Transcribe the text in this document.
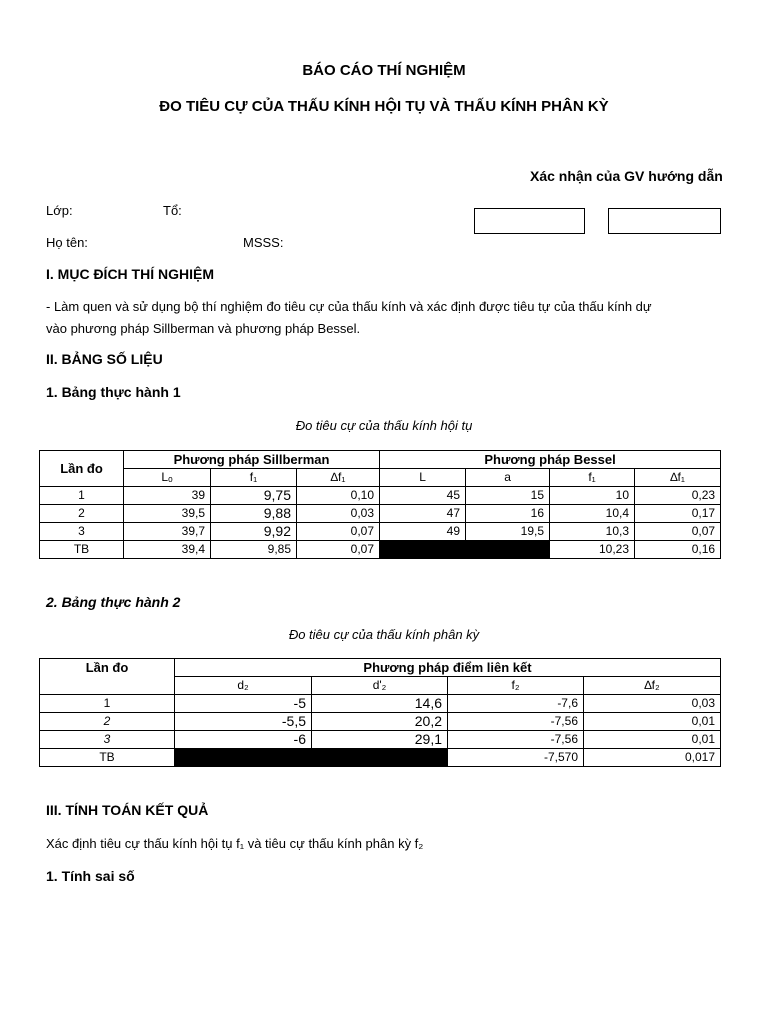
BÁO CÁO THÍ NGHIỆM
ĐO TIÊU CỰ CỦA THẤU KÍNH HỘI TỤ VÀ THẤU KÍNH PHÂN KỲ
Xác nhận của GV hướng dẫn
Lớp:	Tổ:
Họ tên:	MSSS:
I. MỤC ĐÍCH THÍ NGHIỆM
- Làm quen và sử dụng bộ thí nghiệm đo tiêu cự của thấu kính và xác định được tiêu tự của thấu kính dự
vào phương pháp Sillberman và phương pháp Bessel.
II. BẢNG SỐ LIỆU
1. Bảng thực hành 1
Đo tiêu cự của thấu kính hội tụ
Lần đo	Phương pháp Sillberman			Phương pháp Bessel			
	Lₒ	f₁	∆f₁	L	a	f₁	∆f₁
1	39	9,75	0,10	45	15	10	0,23
2	39,5	9,88	0,03	47	16	10,4	0,17
3	39,7	9,92	0,07	49	19,5	10,3	0,07
TB	39,4	9,85	0,07			10,23	0,16
2. Bảng thực hành 2
Đo tiêu cự của thấu kính phân kỳ
Lần đo	Phương pháp điểm liên kết			
	d₂	d'₂	f₂	∆f₂
1	-5	14,6	-7,6	0,03
2	-5,5	20,2	-7,56	0,01
3	-6	29,1	-7,56	0,01
TB			-7,570	0,017
III. TÍNH TOÁN KẾT QUẢ
Xác định tiêu cự thấu kính hội tụ f₁ và tiêu cự thấu kính phân kỳ f₂
1. Tính sai số
